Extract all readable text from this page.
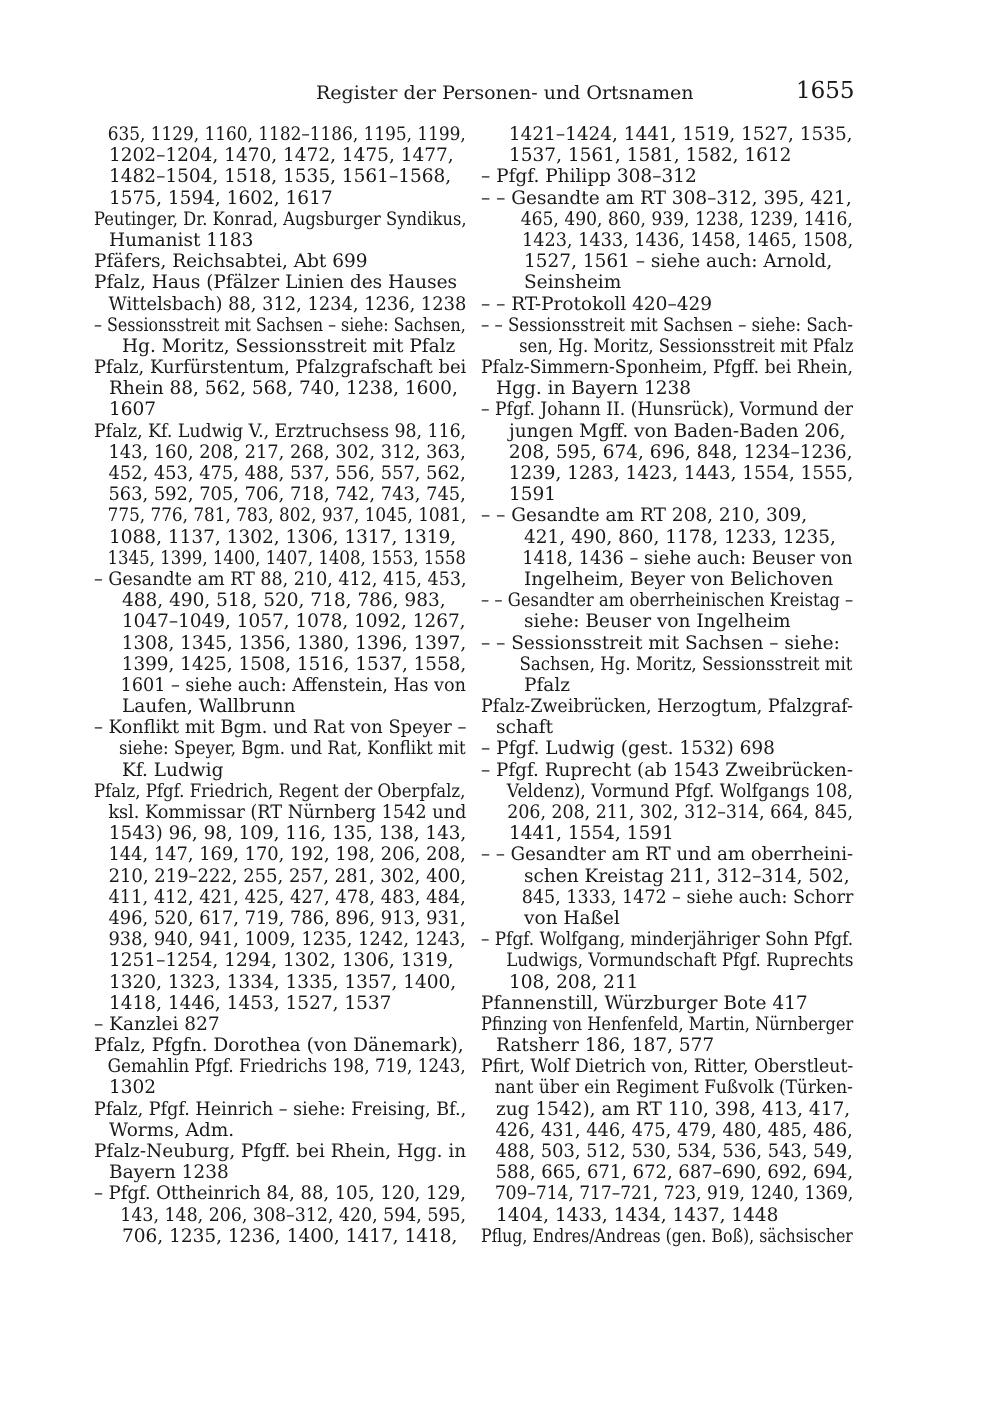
Register der Personen- und Ortsnamen	1655
635, 1129, 1160, 1182–1186, 1195, 1199,
1202–1204, 1470, 1472, 1475, 1477,
1482–1504, 1518, 1535, 1561–1568,
1575, 1594, 1602, 1617
Peutinger, Dr. Konrad, Augsburger Syndikus,
Humanist 1183
Pfäfers, Reichsabtei, Abt 699
Pfalz, Haus (Pfälzer Linien des Hauses
Wittelsbach) 88, 312, 1234, 1236, 1238
– Sessionsstreit mit Sachsen – siehe: Sachsen,
Hg. Moritz, Sessionsstreit mit Pfalz
Pfalz, Kurfürstentum, Pfalzgrafschaft bei
Rhein 88, 562, 568, 740, 1238, 1600,
1607
Pfalz, Kf. Ludwig V., Erztruchsess 98, 116,
143, 160, 208, 217, 268, 302, 312, 363,
452, 453, 475, 488, 537, 556, 557, 562,
563, 592, 705, 706, 718, 742, 743, 745,
775, 776, 781, 783, 802, 937, 1045, 1081,
1088, 1137, 1302, 1306, 1317, 1319,
1345, 1399, 1400, 1407, 1408, 1553, 1558
– Gesandte am RT 88, 210, 412, 415, 453,
488, 490, 518, 520, 718, 786, 983,
1047–1049, 1057, 1078, 1092, 1267,
1308, 1345, 1356, 1380, 1396, 1397,
1399, 1425, 1508, 1516, 1537, 1558,
1601 – siehe auch: Affenstein, Has von
Laufen, Wallbrunn
– Konflikt mit Bgm. und Rat von Speyer –
siehe: Speyer, Bgm. und Rat, Konflikt mit
Kf. Ludwig
Pfalz, Pfgf. Friedrich, Regent der Oberpfalz,
ksl. Kommissar (RT Nürnberg 1542 und
1543) 96, 98, 109, 116, 135, 138, 143,
144, 147, 169, 170, 192, 198, 206, 208,
210, 219–222, 255, 257, 281, 302, 400,
411, 412, 421, 425, 427, 478, 483, 484,
496, 520, 617, 719, 786, 896, 913, 931,
938, 940, 941, 1009, 1235, 1242, 1243,
1251–1254, 1294, 1302, 1306, 1319,
1320, 1323, 1334, 1335, 1357, 1400,
1418, 1446, 1453, 1527, 1537
– Kanzlei 827
Pfalz, Pfgfn. Dorothea (von Dänemark),
Gemahlin Pfgf. Friedrichs 198, 719, 1243,
1302
Pfalz, Pfgf. Heinrich – siehe: Freising, Bf.,
Worms, Adm.
Pfalz-Neuburg, Pfgff. bei Rhein, Hgg. in
Bayern 1238
– Pfgf. Ottheinrich 84, 88, 105, 120, 129,
143, 148, 206, 308–312, 420, 594, 595,
706, 1235, 1236, 1400, 1417, 1418,
1421–1424, 1441, 1519, 1527, 1535,
1537, 1561, 1581, 1582, 1612
– Pfgf. Philipp 308–312
– – Gesandte am RT 308–312, 395, 421,
465, 490, 860, 939, 1238, 1239, 1416,
1423, 1433, 1436, 1458, 1465, 1508,
1527, 1561 – siehe auch: Arnold,
Seinsheim
– – RT-Protokoll 420–429
– – Sessionsstreit mit Sachsen – siehe: Sach-
sen, Hg. Moritz, Sessionsstreit mit Pfalz
Pfalz-Simmern-Sponheim, Pfgff. bei Rhein,
Hgg. in Bayern 1238
– Pfgf. Johann II. (Hunsrück), Vormund der
jungen Mgff. von Baden-Baden 206,
208, 595, 674, 696, 848, 1234–1236,
1239, 1283, 1423, 1443, 1554, 1555,
1591
– – Gesandte am RT 208, 210, 309,
421, 490, 860, 1178, 1233, 1235,
1418, 1436 – siehe auch: Beuser von
Ingelheim, Beyer von Belichoven
– – Gesandter am oberrheinischen Kreistag –
siehe: Beuser von Ingelheim
– – Sessionsstreit mit Sachsen – siehe:
Sachsen, Hg. Moritz, Sessionsstreit mit
Pfalz
Pfalz-Zweibrücken, Herzogtum, Pfalzgraf-
schaft
– Pfgf. Ludwig (gest. 1532) 698
– Pfgf. Ruprecht (ab 1543 Zweibrücken-
Veldenz), Vormund Pfgf. Wolfgangs 108,
206, 208, 211, 302, 312–314, 664, 845,
1441, 1554, 1591
– – Gesandter am RT und am oberrheini-
schen Kreistag 211, 312–314, 502,
845, 1333, 1472 – siehe auch: Schorr
von Haßel
– Pfgf. Wolfgang, minderjähriger Sohn Pfgf.
Ludwigs, Vormundschaft Pfgf. Ruprechts
108, 208, 211
Pfannenstill, Würzburger Bote 417
Pfinzing von Henfenfeld, Martin, Nürnberger
Ratsherr 186, 187, 577
Pfirt, Wolf Dietrich von, Ritter, Oberstleut-
nant über ein Regiment Fußvolk (Türken-
zug 1542), am RT 110, 398, 413, 417,
426, 431, 446, 475, 479, 480, 485, 486,
488, 503, 512, 530, 534, 536, 543, 549,
588, 665, 671, 672, 687–690, 692, 694,
709–714, 717–721, 723, 919, 1240, 1369,
1404, 1433, 1434, 1437, 1448
Pflug, Endres/Andreas (gen. Boß), sächsischer
